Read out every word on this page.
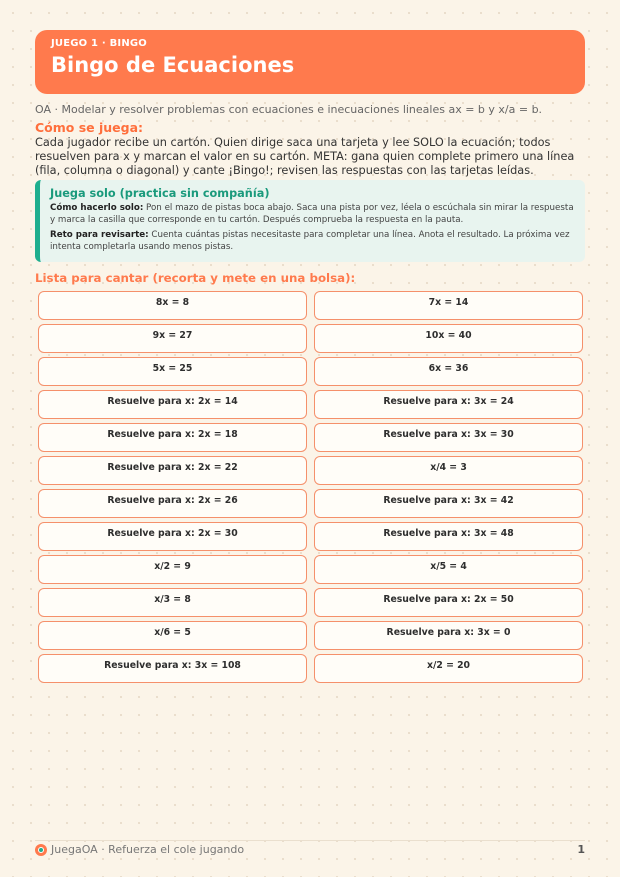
JUEGO 1 · BINGO
Bingo de Ecuaciones
OA · Modelar y resolver problemas con ecuaciones e inecuaciones lineales ax = b y x/a = b.
Cómo se juega:
Cada jugador recibe un cartón. Quien dirige saca una tarjeta y lee SOLO la ecuación; todos resuelven para x y marcan el valor en su cartón. META: gana quien complete primero una línea (fila, columna o diagonal) y cante ¡Bingo!; revisen las respuestas con las tarjetas leídas.
Juega solo (practica sin compañía)

Cómo hacerlo solo: Pon el mazo de pistas boca abajo. Saca una pista por vez, léela o escúchala sin mirar la respuesta y marca la casilla que corresponde en tu cartón. Después comprueba la respuesta en la pauta.

Reto para revisarte: Cuenta cuántas pistas necesitaste para completar una línea. Anota el resultado. La próxima vez intenta completarla usando menos pistas.

Lista para cantar (recorta y mete en una bolsa):
8x = 8	7x = 14
9x = 27	10x = 40
5x = 25	6x = 36
Resuelve para x: 2x = 14	Resuelve para x: 3x = 24
Resuelve para x: 2x = 18	Resuelve para x: 3x = 30
Resuelve para x: 2x = 22	x/4 = 3
Resuelve para x: 2x = 26	Resuelve para x: 3x = 42
Resuelve para x: 2x = 30	Resuelve para x: 3x = 48
x/2 = 9	x/5 = 4
x/3 = 8	Resuelve para x: 2x = 50
x/6 = 5	Resuelve para x: 3x = 0
Resuelve para x: 3x = 108	x/2 = 20
JuegaOA · Refuerza el cole jugando	1
